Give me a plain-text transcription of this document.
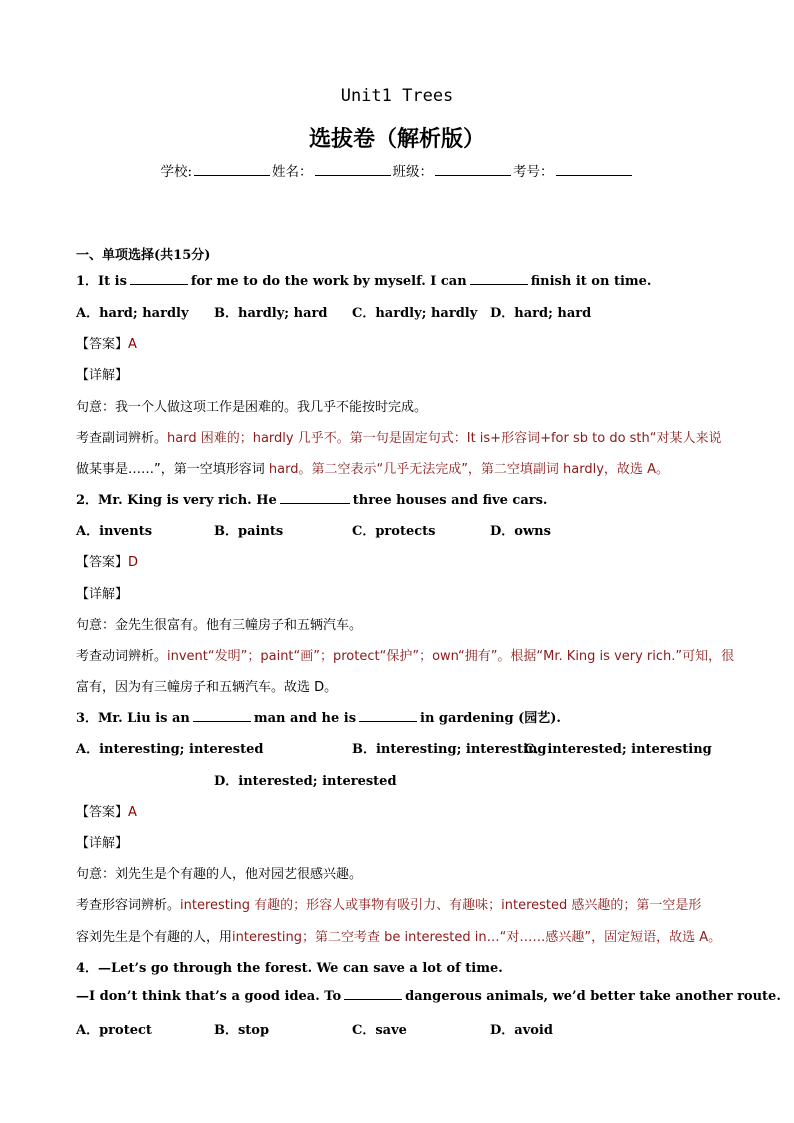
Unit1 Trees
选拔卷（解析版）
学校:	姓名：	班级：	考号：
一、单项选择(共15分)
1．It is	for me to do the work by myself. I can	finish it on time.
A．hard; hardly B．hardly; hard C．hardly; hardly D．hard; hard
【答案】A
【详解】
句意：我一个人做这项工作是困难的。我几乎不能按时完成。
考查副词辨析。hard 困难的；hardly 几乎不。第一句是固定句式：It is+形容词+for sb to do sth“对某人来说
做某事是……”，第一空填形容词 hard。第二空表示“几乎无法完成”，第二空填副词 hardly，故选 A。
2．Mr. King is very rich. He	three houses and five cars.
A．invents	B．paints	C．protects	D．owns
【答案】D
【详解】
句意：金先生很富有。他有三幢房子和五辆汽车。
考查动词辨析。invent“发明”；paint“画”；protect“保护”；own“拥有”。根据“Mr. King is very rich.”可知，很
富有，因为有三幢房子和五辆汽车。故选 D。
3．Mr. Liu is an	man and he is	in gardening (园艺).
A．interesting; interested	B．interesting; interesting
C．interested; interesting
D．interested; interested
【答案】A
【详解】
句意：刘先生是个有趣的人，他对园艺很感兴趣。
考查形容词辨析。interesting 有趣的；形容人或事物有吸引力、有趣味；interested 感兴趣的；第一空是形
容刘先生是个有趣的人，用interesting；第二空考查 be interested in…“对……感兴趣”，固定短语，故选 A。
4．—Let’s go through the forest. We can save a lot of time.
—I don’t think that’s a good idea. To	dangerous animals, we’d better take another route.
A．protect	B．stop	C．save	D．avoid
